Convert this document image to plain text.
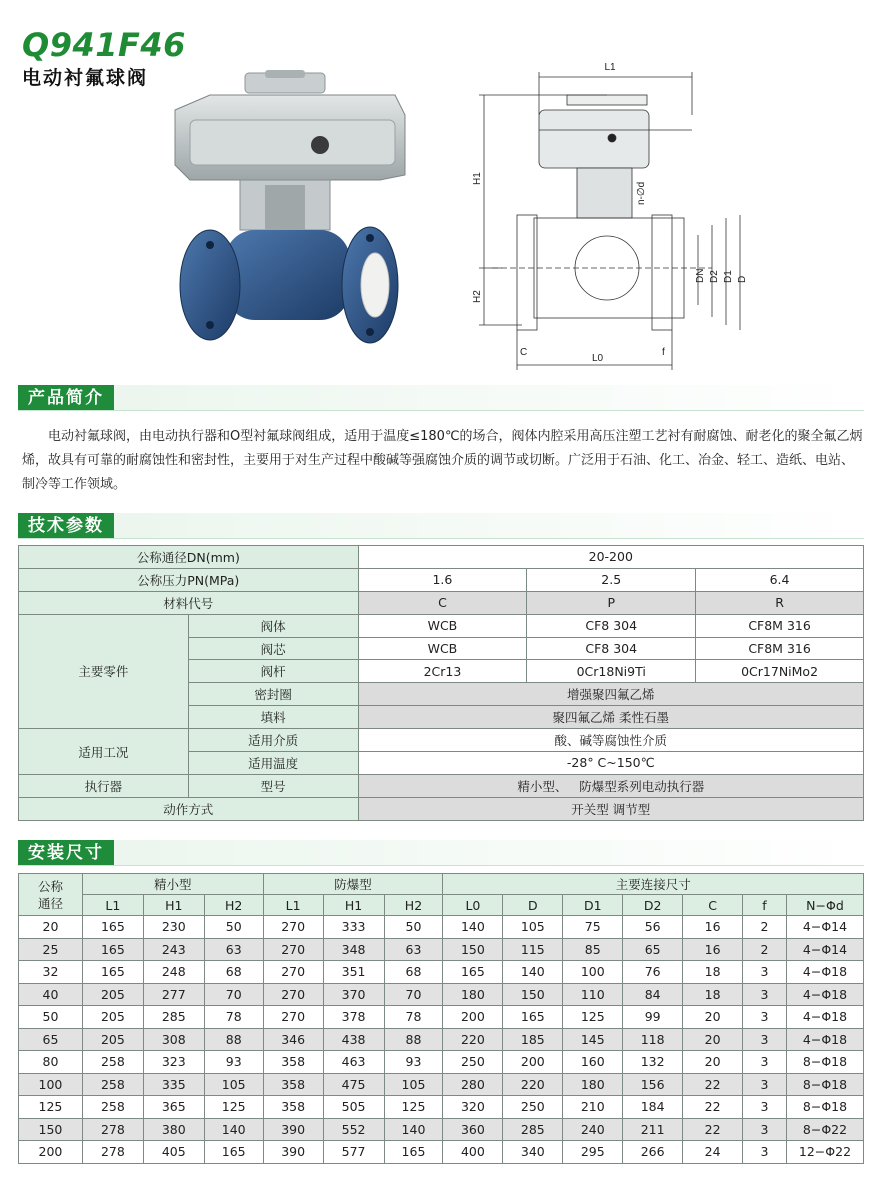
Q941F46
电动衬氟球阀	L1
H1
H2
L0
C	f
n-∅d
DN D2 D1 D
产品简介

电动衬氟球阀，由电动执行器和O型衬氟球阀组成，适用于温度≤180℃的场合，阀体内腔采用高压注塑工艺衬有耐腐蚀、耐老化的聚全氟乙炳烯，故具有可靠的耐腐蚀性和密封性，主要用于对生产过程中酸碱等强腐蚀介质的调节或切断。广泛用于石油、化工、冶金、轻工、造纸、电站、制冷等工作领域。

技术参数
公称通径DN(mm)		20-200		
公称压力PN(MPa)		1.6	2.5	6.4
材料代号		C	P	R
主要零件	阀体	WCB	CF8 304	CF8M 316
	阀芯	WCB	CF8 304	CF8M 316
	阀杆	2Cr13	0Cr18Ni9Ti	0Cr17NiMo2
	密封圈	增强聚四氟乙烯		
	填料	聚四氟乙烯 柔性石墨		
适用工况	适用介质	酸、碱等腐蚀性介质		
	适用温度	-28° C~150℃		
执行器	型号	精小型、   防爆型系列电动执行器		
动作方式		开关型 调节型		
安装尺寸
公称
通径	精小型			防爆型			主要连接尺寸						
	L1	H1	H2	L1	H1	H2	L0	D	D1	D2	C	f	N−Φd
20	165	230	50	270	333	50	140	105	75	56	16	2	4−Φ14
25	165	243	63	270	348	63	150	115	85	65	16	2	4−Φ14
32	165	248	68	270	351	68	165	140	100	76	18	3	4−Φ18
40	205	277	70	270	370	70	180	150	110	84	18	3	4−Φ18
50	205	285	78	270	378	78	200	165	125	99	20	3	4−Φ18
65	205	308	88	346	438	88	220	185	145	118	20	3	4−Φ18
80	258	323	93	358	463	93	250	200	160	132	20	3	8−Φ18
100	258	335	105	358	475	105	280	220	180	156	22	3	8−Φ18
125	258	365	125	358	505	125	320	250	210	184	22	3	8−Φ18
150	278	380	140	390	552	140	360	285	240	211	22	3	8−Φ22
200	278	405	165	390	577	165	400	340	295	266	24	3	12−Φ22
